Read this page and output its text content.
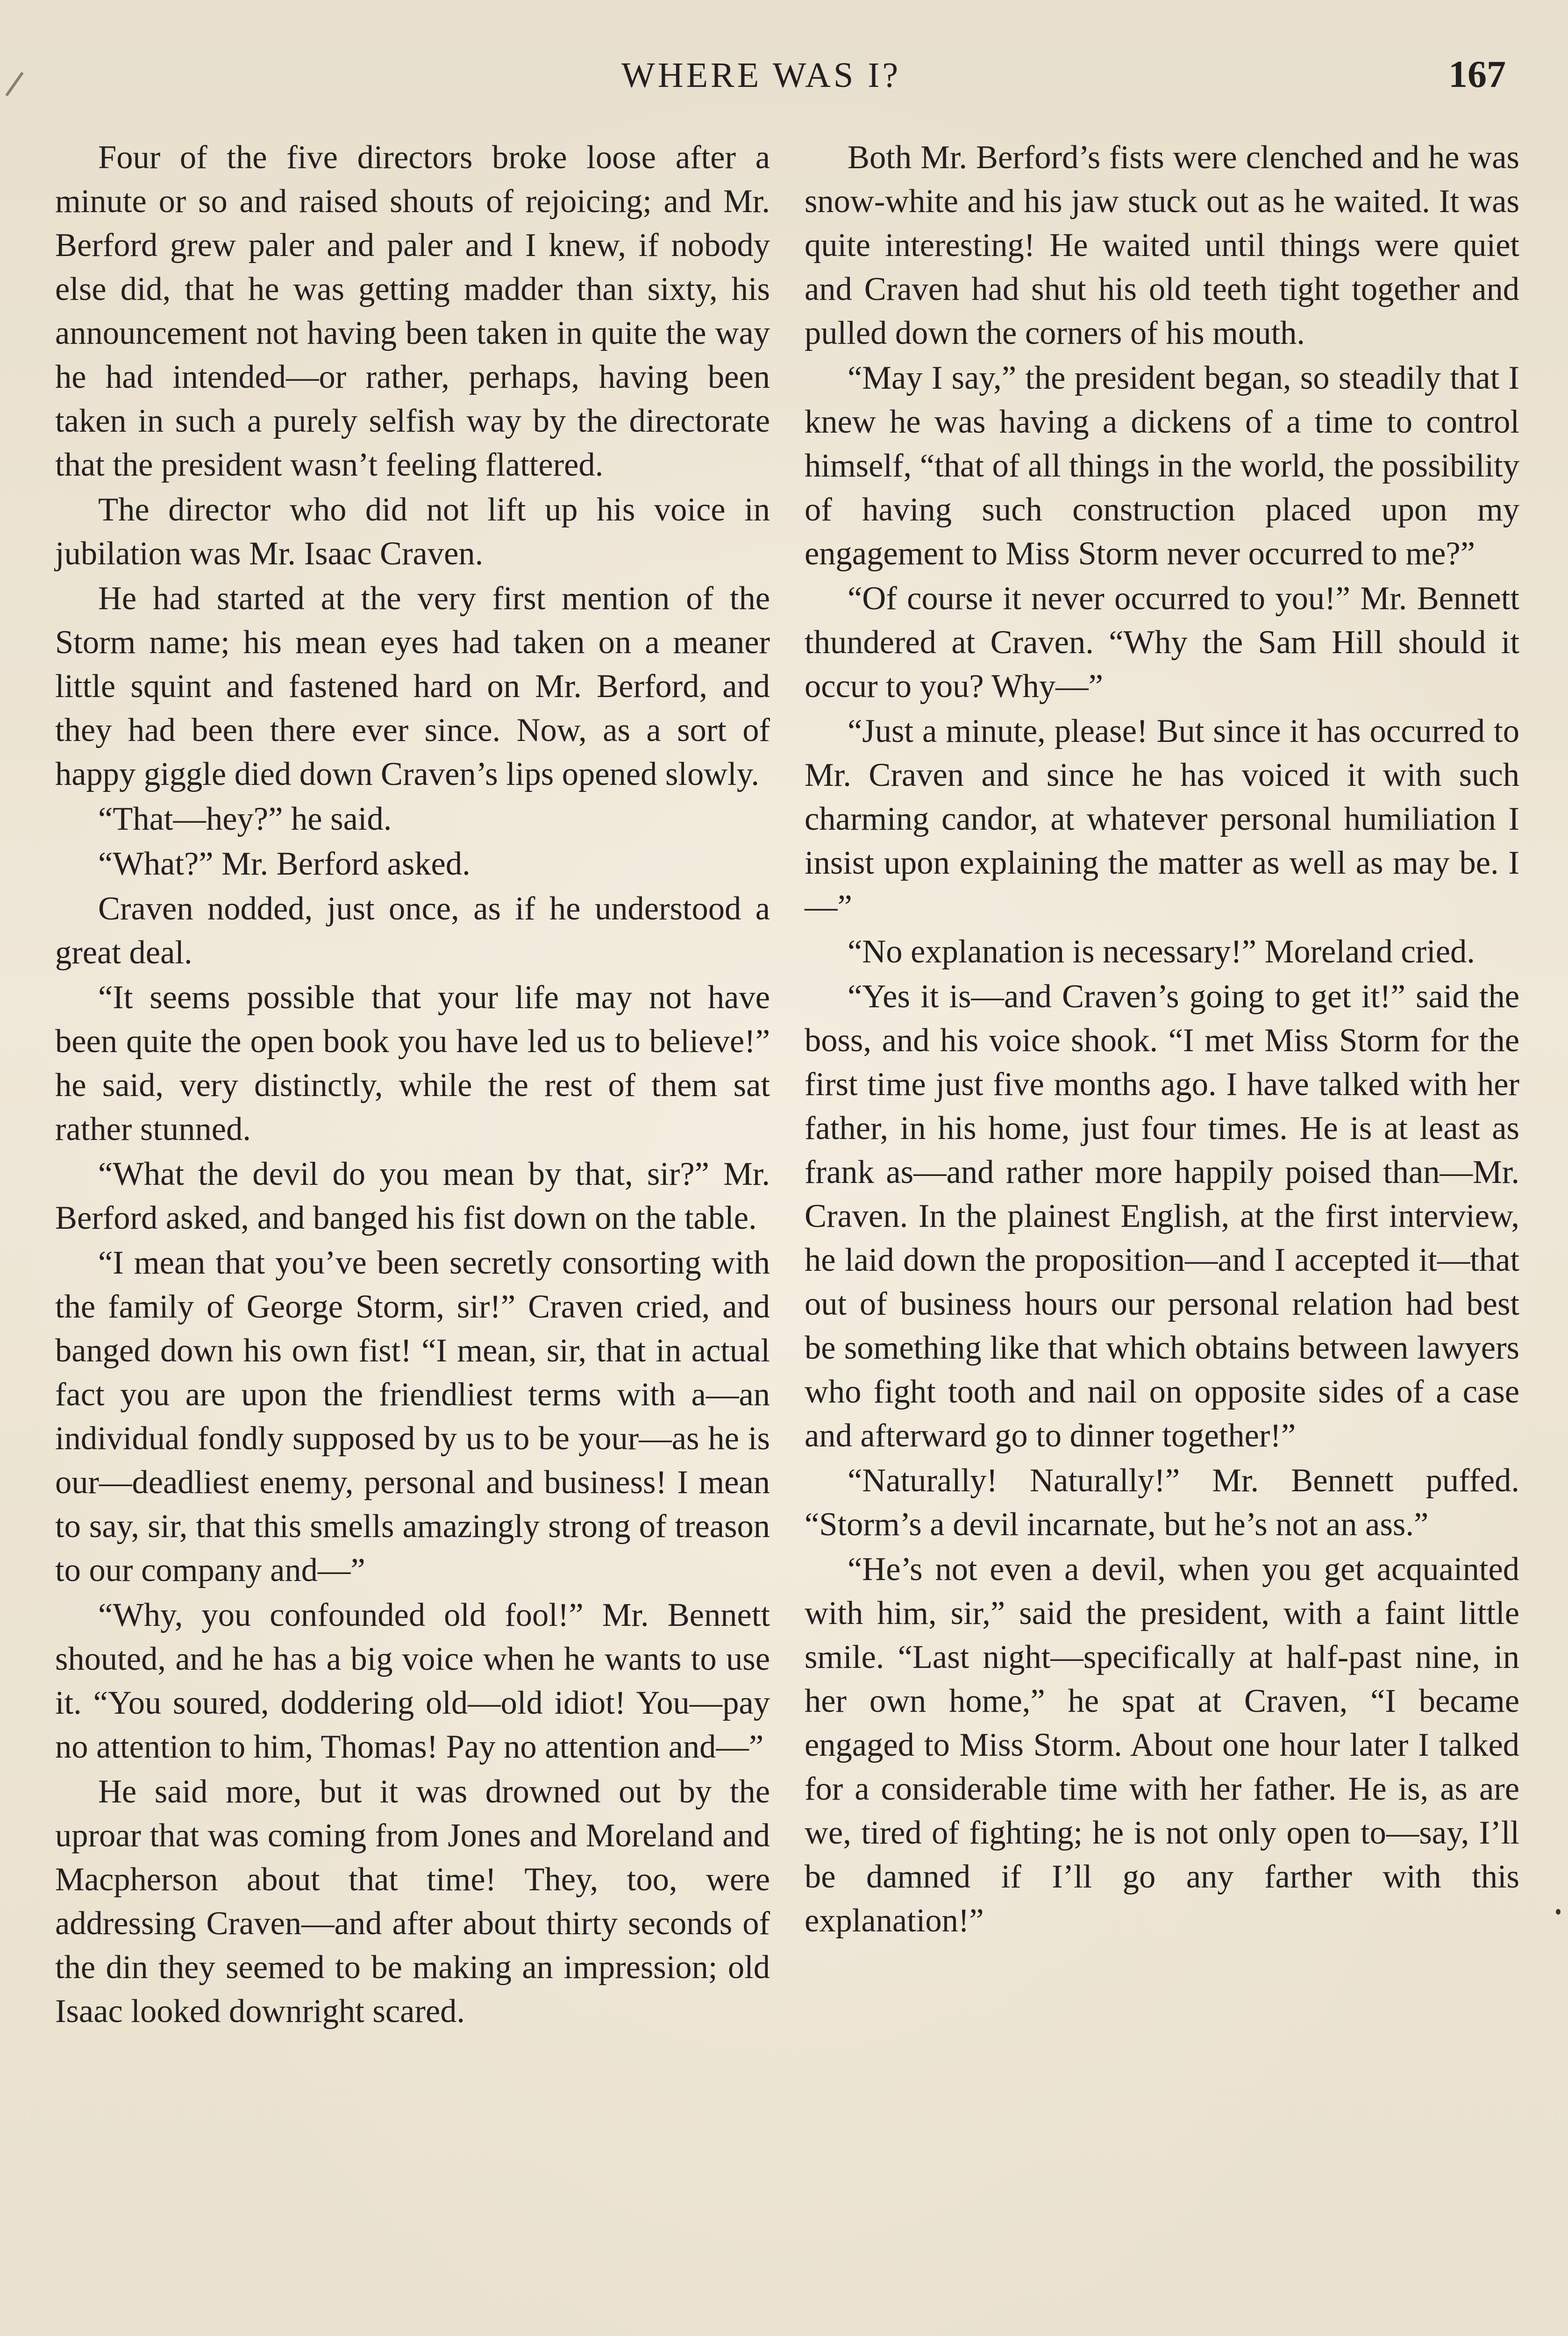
WHERE WAS I?	167

Four of the five directors broke loose after a minute or so and raised shouts of rejoicing; and Mr. Berford grew paler and paler and I knew, if nobody else did, that he was getting madder than sixty, his announcement not having been taken in quite the way he had intended—or rather, perhaps, having been taken in such a purely selfish way by the directorate that the president wasn’t feeling flattered.

The director who did not lift up his voice in jubilation was Mr. Isaac Craven.

He had started at the very first mention of the Storm name; his mean eyes had taken on a meaner little squint and fastened hard on Mr. Berford, and they had been there ever since. Now, as a sort of happy giggle died down Craven’s lips opened slowly.

“That—hey?” he said.

“What?” Mr. Berford asked.

Craven nodded, just once, as if he understood a great deal.

“It seems possible that your life may not have been quite the open book you have led us to believe!” he said, very distinctly, while the rest of them sat rather stunned.

“What the devil do you mean by that, sir?” Mr. Berford asked, and banged his fist down on the table.

“I mean that you’ve been secretly consorting with the family of George Storm, sir!” Craven cried, and banged down his own fist! “I mean, sir, that in actual fact you are upon the friendliest terms with a—an individual fondly supposed by us to be your—as he is our—deadliest enemy, personal and business! I mean to say, sir, that this smells amazingly strong of treason to our company and—”

“Why, you confounded old fool!” Mr. Bennett shouted, and he has a big voice when he wants to use it. “You soured, doddering old—old idiot! You—pay no attention to him, Thomas! Pay no attention and—”

He said more, but it was drowned out by the uproar that was coming from Jones and Moreland and Macpherson about that time! They, too, were addressing Craven—and after about thirty seconds of the din they seemed to be making an impression; old Isaac looked downright scared.

Both Mr. Berford’s fists were clenched and he was snow-white and his jaw stuck out as he waited. It was quite interesting! He waited until things were quiet and Craven had shut his old teeth tight together and pulled down the corners of his mouth.

“May I say,” the president began, so steadily that I knew he was having a dickens of a time to control himself, “that of all things in the world, the possibility of having such construction placed upon my engagement to Miss Storm never occurred to me?”

“Of course it never occurred to you!” Mr. Bennett thundered at Craven. “Why the Sam Hill should it occur to you? Why—”

“Just a minute, please! But since it has occurred to Mr. Craven and since he has voiced it with such charming candor, at whatever personal humiliation I insist upon explaining the matter as well as may be. I—”

“No explanation is necessary!” Moreland cried.

“Yes it is—and Craven’s going to get it!” said the boss, and his voice shook. “I met Miss Storm for the first time just five months ago. I have talked with her father, in his home, just four times. He is at least as frank as—and rather more happily poised than—Mr. Craven. In the plainest English, at the first interview, he laid down the proposition—and I accepted it—that out of business hours our personal relation had best be something like that which obtains between lawyers who fight tooth and nail on opposite sides of a case and afterward go to dinner together!”

“Naturally! Naturally!” Mr. Bennett puffed. “Storm’s a devil incarnate, but he’s not an ass.”

“He’s not even a devil, when you get acquainted with him, sir,” said the president, with a faint little smile. “Last night—specifically at half-past nine, in her own home,” he spat at Craven, “I became engaged to Miss Storm. About one hour later I talked for a considerable time with her father. He is, as are we, tired of fighting; he is not only open to—say, I’ll be damned if I’ll go any farther with this explanation!”
